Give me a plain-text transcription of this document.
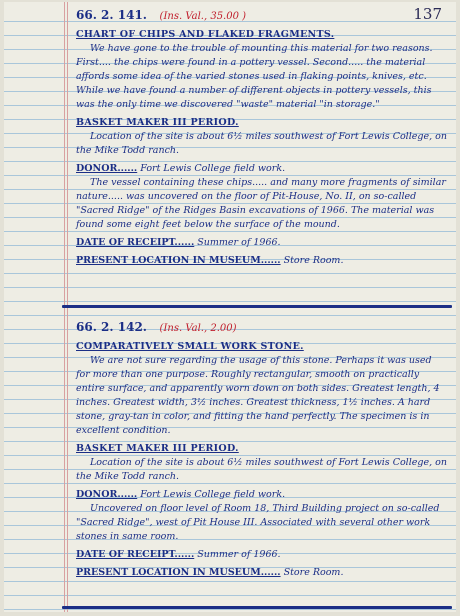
137
66. 2. 141. (Ins. Val., 35.00 )
CHART OF CHIPS AND FLAKED FRAGMENTS.

We have gone to the trouble of mounting this material for two reasons. First.... the chips were found in a pottery vessel. Second..... the material affords some idea of the varied stones used in flaking points, knives, etc. While we have found a number of different objects in pottery vessels, this was the only time we discovered "waste" material "in storage."

BASKET MAKER III PERIOD.

Location of the site is about 6½ miles southwest of Fort Lewis College, on the Mike Todd ranch.

DONOR...... Fort Lewis College field work.

The vessel containing these chips..... and many more fragments of similar nature..... was uncovered on the floor of Pit-House, No. II, on so-called "Sacred Ridge" of the Ridges Basin excavations of 1966. The material was found some eight feet below the surface of the mound.

DATE OF RECEIPT...... Summer of 1966.
PRESENT LOCATION IN MUSEUM...... Store Room.
66. 2. 142. (Ins. Val., 2.00)
COMPARATIVELY SMALL WORK STONE.

We are not sure regarding the usage of this stone. Perhaps it was used for more than one purpose. Roughly rectangular, smooth on practically entire surface, and apparently worn down on both sides. Greatest length, 4 inches. Greatest width, 3½ inches. Greatest thickness, 1½ inches. A hard stone, gray-tan in color, and fitting the hand perfectly. The specimen is in excellent condition.

BASKET MAKER III PERIOD.

Location of the site is about 6½ miles southwest of Fort Lewis College, on the Mike Todd ranch.

DONOR...... Fort Lewis College field work.

Uncovered on floor level of Room 18, Third Building project on so-called "Sacred Ridge", west of Pit House III. Associated with several other work stones in same room.

DATE OF RECEIPT...... Summer of 1966.
PRESENT LOCATION IN MUSEUM...... Store Room.
